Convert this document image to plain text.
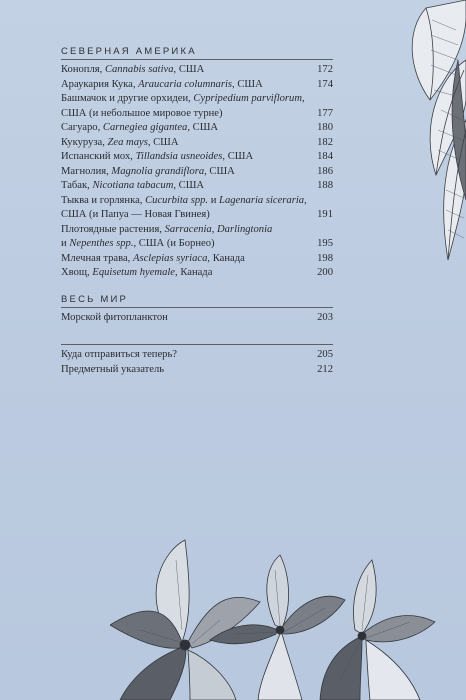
СЕВЕРНАЯ АМЕРИКА
Конопля, Cannabis sativa, США	172
Араукария Кука, Araucaria columnaris, США	174
Башмачок и другие орхидеи, Cypripedium parviflorum,
США (и небольшое мировое турне)	177
Сагуаро, Carnegiea gigantea, США	180
Кукуруза, Zea mays, США	182
Испанский мох, Tillandsia usneoides, США	184
Магнолия, Magnolia grandiflora, США	186
Табак, Nicotiana tabacum, США	188
Тыква и горлянка, Cucurbita spp. и Lagenaria siceraria,
США (и Папуа — Новая Гвинея)	191
Плотоядные растения, Sarracenia, Darlingtonia
и Nepenthes spp., США (и Борнео)	195
Млечная трава, Asclepias syriaca, Канада	198
Хвощ, Equisetum hyemale, Канада	200
ВЕСЬ МИР
Морской фитопланктон	203
Куда отправиться теперь?	205
Предметный указатель	212
